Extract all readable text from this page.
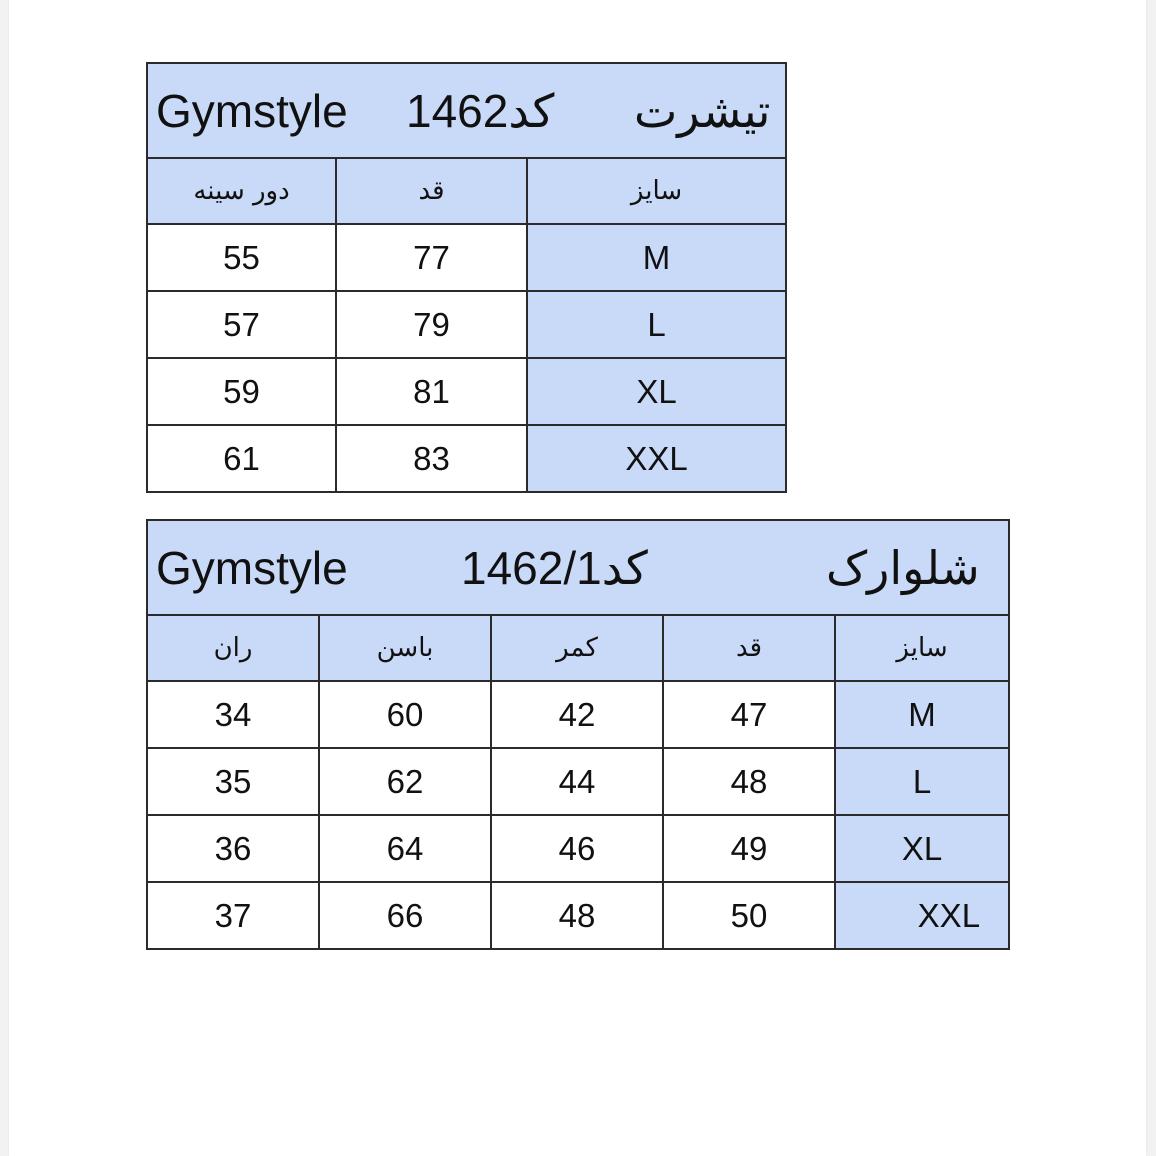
Gymstyle 1462کد تیشرت		

دور سینه	قد	سایز
55	77	M
57	79	L
59	81	XL
61	83	XXL
Gymstyle 1462/1کد شلوارک				

ران	باسن	کمر	قد	سایز
34	60	42	47	M
35	62	44	48	L
36	64	46	49	XL
37	66	48	50	XXL
